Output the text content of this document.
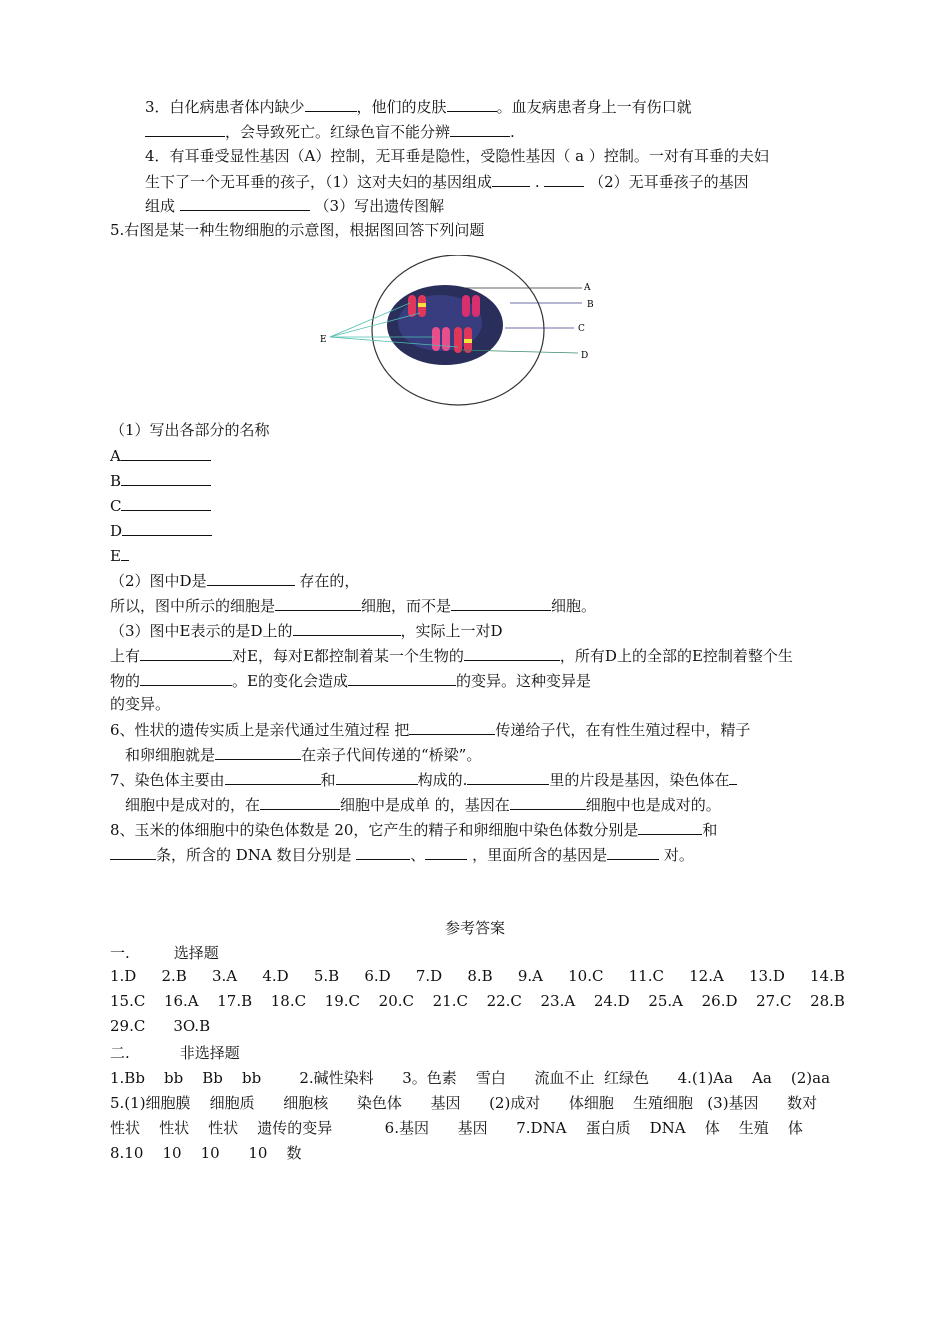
3．白化病患者体内缺少	，他们的皮肤	。血友病患者身上一有伤口就
，会导致死亡。红绿色盲不能分辨	.
4．有耳垂受显性基因（A）控制，无耳垂是隐性，受隐性基因（ a ）控制。一对有耳垂的夫妇
生下了一个无耳垂的孩子，（1）这对夫妇的基因组成	.	（2）无耳垂孩子的基因
组成	（3）写出遗传图解
5.右图是某一种生物细胞的示意图，根据图回答下列问题
A
B
C
D
E
（1）写出各部分的名称
A
B
C
D
E
（2）图中D是	存在的，
所以，图中所示的细胞是	细胞，而不是	细胞。
（3）图中E表示的是D上的	，实际上一对D
上有	对E，每对E都控制着某一个生物的	，所有D上的全部的E控制着整个生
物的	。E的变化会造成	的变异。这种变异是
的变异。
6、性状的遗传实质上是亲代通过生殖过程 把	传递给子代，在有性生殖过程中，精子
和卵细胞就是	在亲子代间传递的“桥梁”。
7、染色体主要由	和	构成的.	里的片段是基因，染色体在
细胞中是成对的，在	细胞中是成单 的，基因在	细胞中也是成对的。
8、玉米的体细胞中的染色体数是 20，它产生的精子和卵细胞中染色体数分别是	和
条，所含的 DNA 数目分别是	、	，里面所含的基因是	对。
参考答案
一.	选择题
1.D 2.B 3.A 4.D 5.B 6.D 7.D 8.B 9.A 10.C 11.C 12.A 13.D 14.B
15.C 16.A 17.B 18.C 19.C 20.C 21.C 22.C 23.A 24.D 25.A 26.D 27.C 28.B
29.C 3O.B
二.	非选择题
1.Bb    bb    Bb    bb        2.碱性染料      3。色素    雪白      流血不止  红绿色      4.(1)Aa    Aa    (2)aa
5.(1)细胞膜    细胞质      细胞核      染色体      基因      (2)成对      体细胞    生殖细胞   (3)基因      数对
性状    性状    性状    遗传的变异           6.基因      基因      7.DNA    蛋白质    DNA    体    生殖    体
8.10    10    10      10    数
